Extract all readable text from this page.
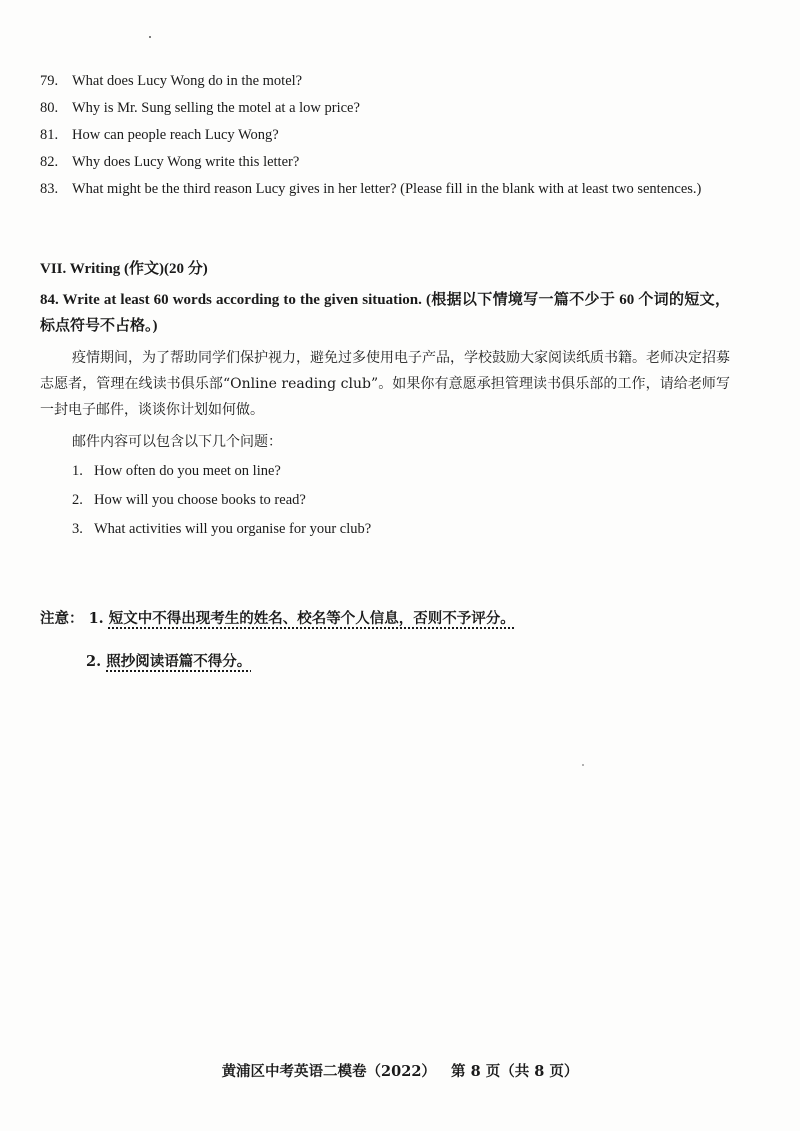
79. What does Lucy Wong do in the motel?
80. Why is Mr. Sung selling the motel at a low price?
81. How can people reach Lucy Wong?
82. Why does Lucy Wong write this letter?
83. What might be the third reason Lucy gives in her letter? (Please fill in the blank with at least two sentences.)
VII. Writing (作文)(20 分)
84. Write at least 60 words according to the given situation. (根据以下情境写一篇不少于 60 个词的短文，标点符号不占格。)
疫情期间，为了帮助同学们保护视力，避免过多使用电子产品，学校鼓励大家阅读纸质书籍。老师决定招募志愿者，管理在线读书俱乐部“Online reading club”。如果你有意愿承担管理读书俱乐部的工作，请给老师写一封电子邮件，谈谈你计划如何做。
邮件内容可以包含以下几个问题：
1. How often do you meet on line?
2. How will you choose books to read?
3. What activities will you organise for your club?
注意： 1. 短文中不得出现考生的姓名、校名等个人信息，否则不予评分。
2. 照抄阅读语篇不得分。
黄浦区中考英语二模卷（2022）   第 8 页（共 8 页）
